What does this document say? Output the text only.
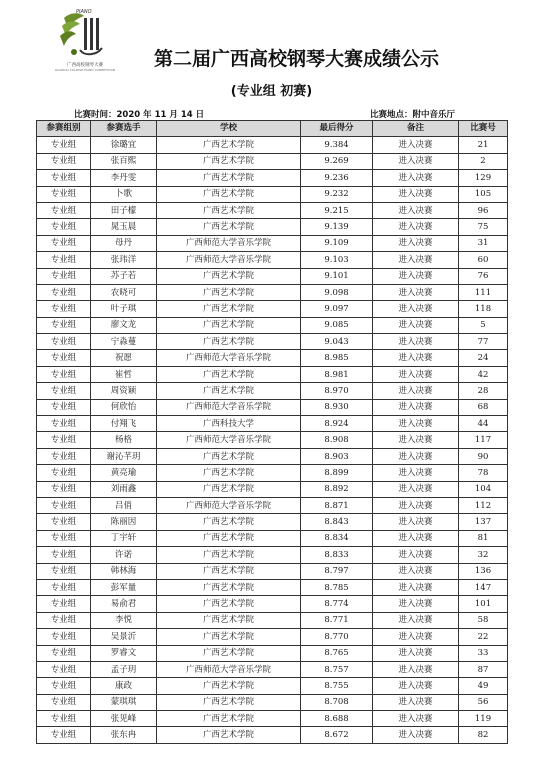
PIANO
广西高校钢琴大赛
GUANGXI COLLEGE PIANO COMPETITION	第二届广西高校钢琴大赛成绩公示
(专业组 初赛)
比赛时间：2020 年 11 月 14 日	比赛地点：附中音乐厅
参赛组别	参赛选手	学校	最后得分	备注	比赛号
专业组	徐璐宜	广西艺术学院	9.384	进入决赛	21
专业组	张百熙	广西艺术学院	9.269	进入决赛	2
专业组	李丹雯	广西艺术学院	9.236	进入决赛	129
专业组	卜歌	广西艺术学院	9.232	进入决赛	105
专业组	田子檬	广西艺术学院	9.215	进入决赛	96
专业组	晁玉晨	广西艺术学院	9.139	进入决赛	75
专业组	母丹	广西师范大学音乐学院	9.109	进入决赛	31
专业组	张玮洋	广西师范大学音乐学院	9.103	进入决赛	60
专业组	苏子若	广西艺术学院	9.101	进入决赛	76
专业组	农晓可	广西艺术学院	9.098	进入决赛	111
专业组	叶子琪	广西艺术学院	9.097	进入决赛	118
专业组	廖文龙	广西艺术学院	9.085	进入决赛	5
专业组	宁淼蔓	广西艺术学院	9.043	进入决赛	77
专业组	祝愿	广西师范大学音乐学院	8.985	进入决赛	24
专业组	崔哲	广西艺术学院	8.981	进入决赛	42
专业组	周资颖	广西艺术学院	8.970	进入决赛	28
专业组	何欣怡	广西师范大学音乐学院	8.930	进入决赛	68
专业组	付翔飞	广西科技大学	8.924	进入决赛	44
专业组	杨格	广西师范大学音乐学院	8.908	进入决赛	117
专业组	谢沁芊玥	广西艺术学院	8.903	进入决赛	90
专业组	黄亮瑜	广西艺术学院	8.899	进入决赛	78
专业组	刘雨鑫	广西艺术学院	8.892	进入决赛	104
专业组	吕俏	广西师范大学音乐学院	8.871	进入决赛	112
专业组	陈丽因	广西艺术学院	8.843	进入决赛	137
专业组	丁宇轩	广西艺术学院	8.834	进入决赛	81
专业组	许诺	广西艺术学院	8.833	进入决赛	32
专业组	韩林海	广西艺术学院	8.797	进入决赛	136
专业组	彭军量	广西艺术学院	8.785	进入决赛	147
专业组	易俞君	广西艺术学院	8.774	进入决赛	101
专业组	李悦	广西艺术学院	8.771	进入决赛	58
专业组	吴景沂	广西艺术学院	8.770	进入决赛	22
专业组	罗睿文	广西艺术学院	8.765	进入决赛	33
专业组	孟子玥	广西师范大学音乐学院	8.757	进入决赛	87
专业组	康政	广西艺术学院	8.755	进入决赛	49
专业组	蒙琪琪	广西艺术学院	8.708	进入决赛	56
专业组	张见峰	广西艺术学院	8.688	进入决赛	119
专业组	张东冉	广西艺术学院	8.672	进入决赛	82
